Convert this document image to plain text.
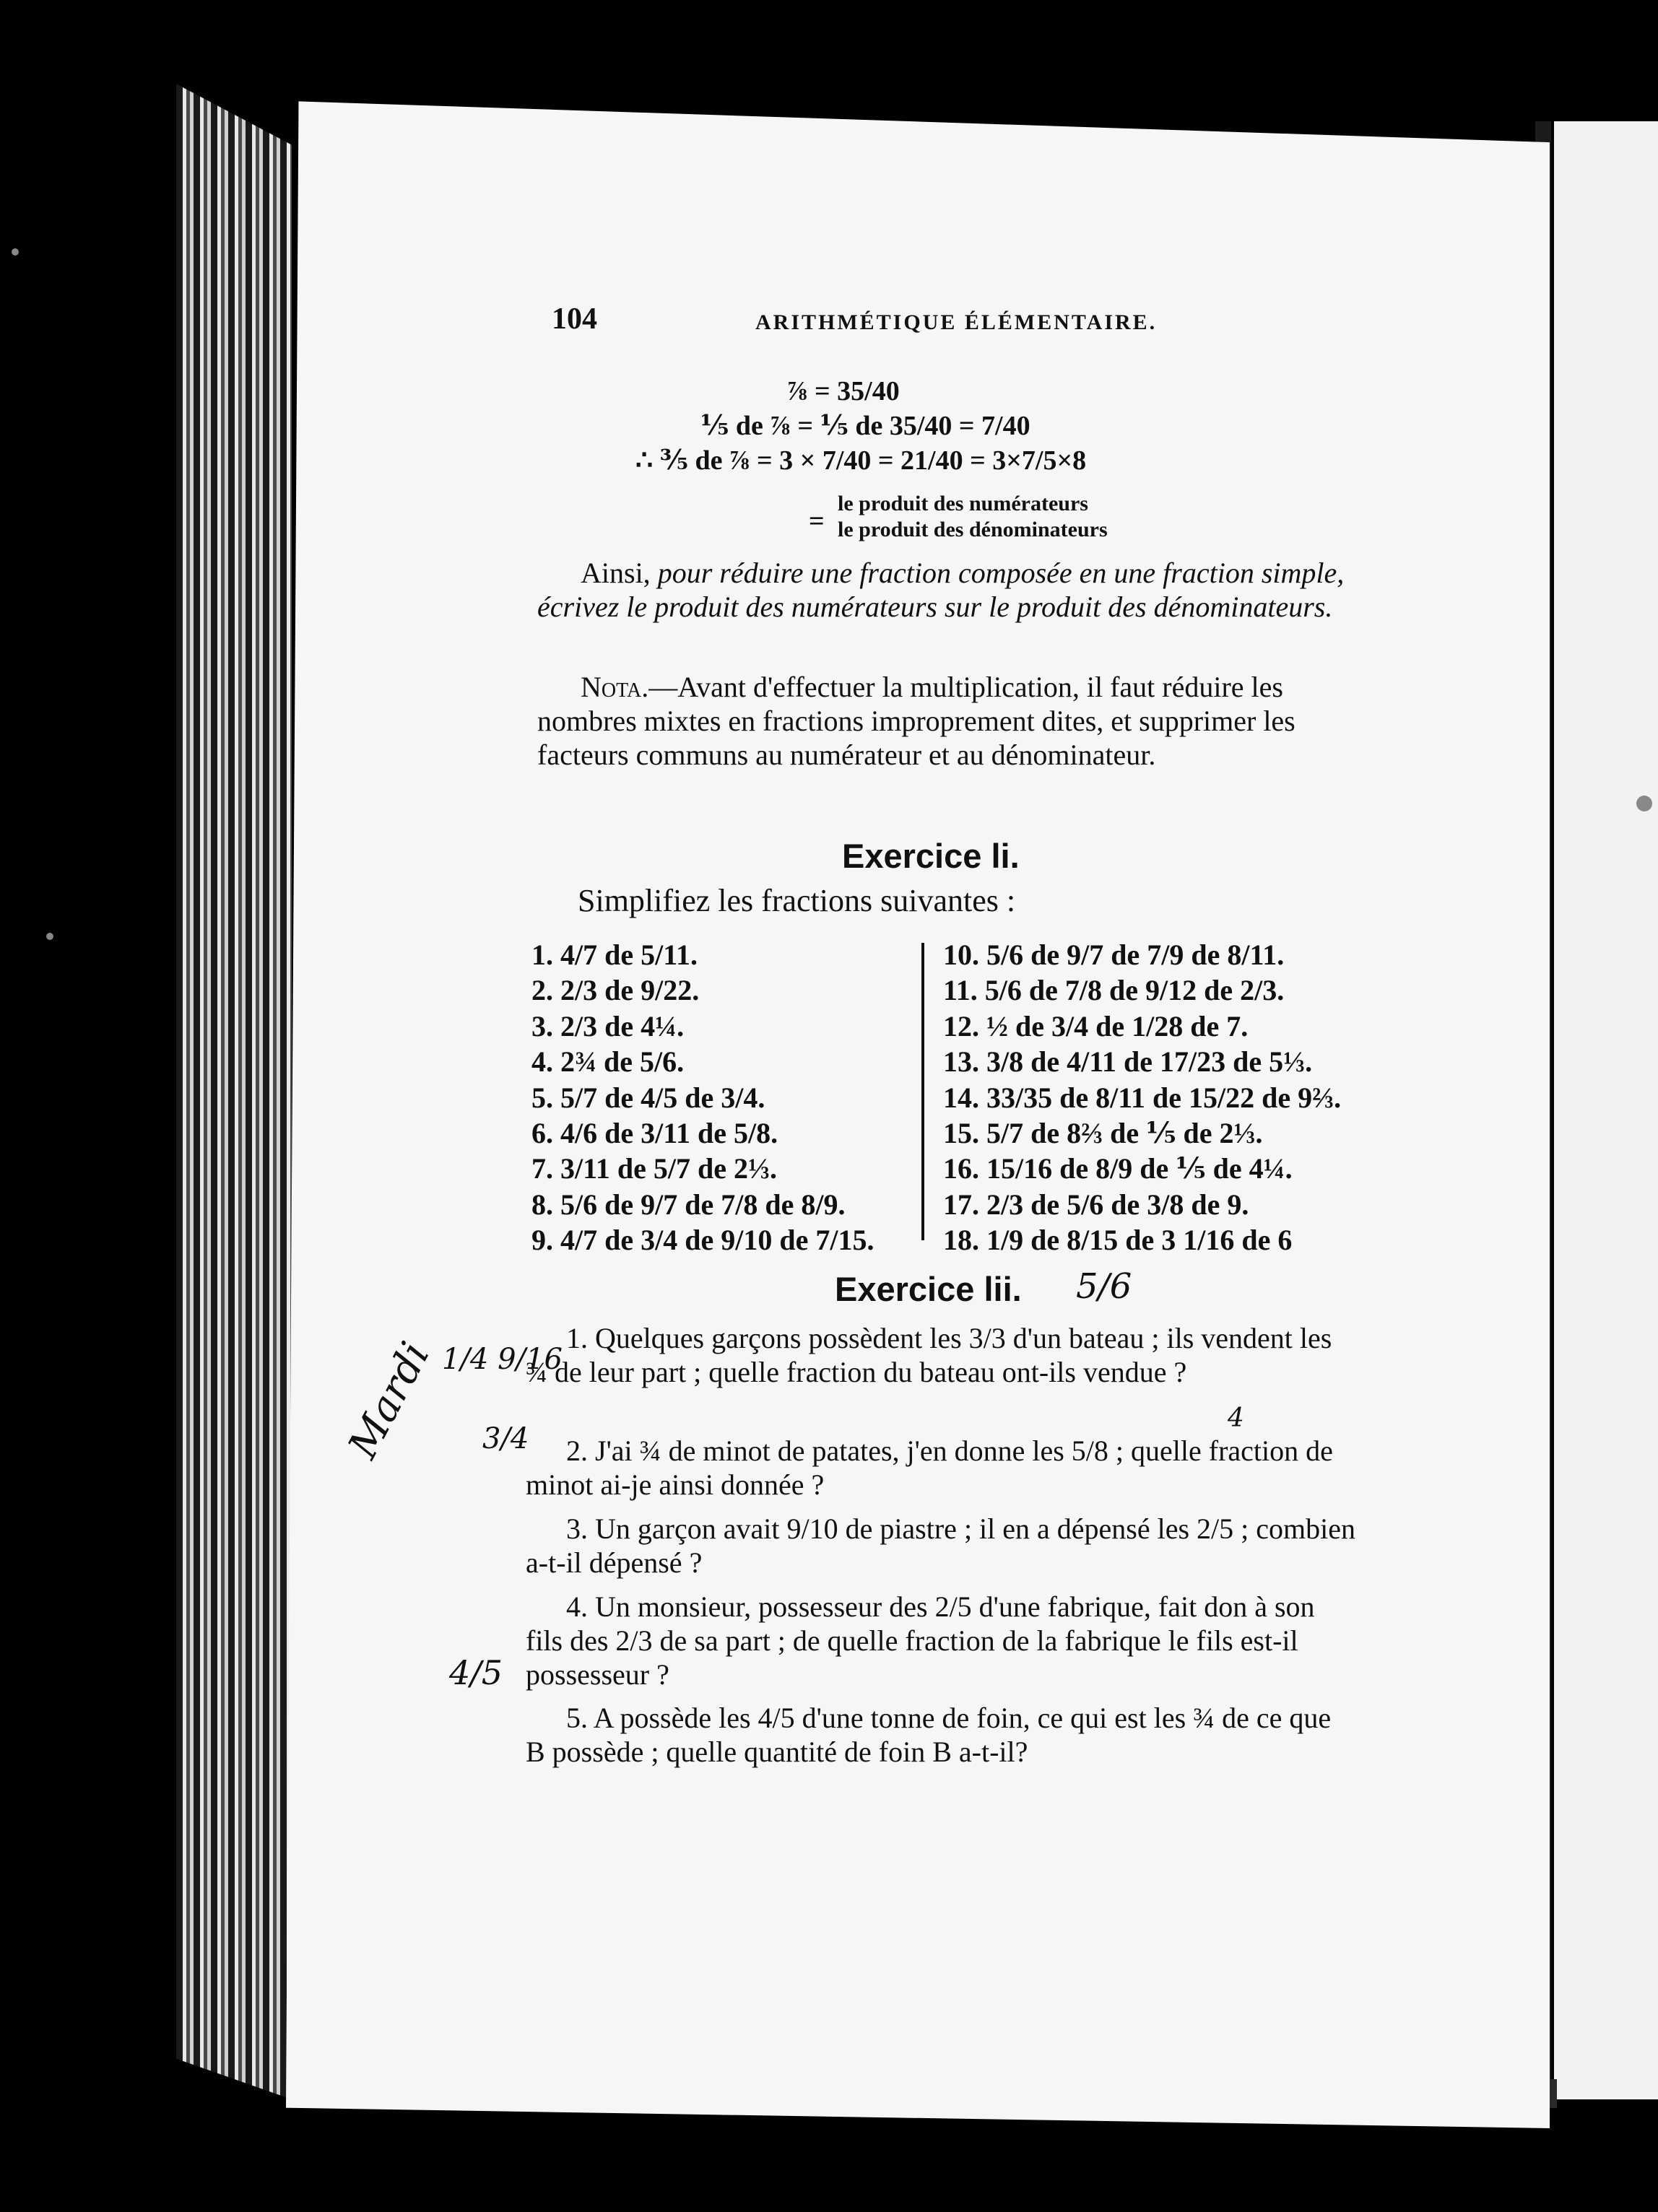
104	ARITHMÉTIQUE ÉLÉMENTAIRE.
⅞ = 35/40
⅕ de ⅞ = ⅕ de 35/40 = 7/40
∴ ⅗ de ⅞ = 3 × 7/40 = 21/40 = 3×7/5×8
=
le produit des numérateurs
le produit des dénominateurs
Ainsi, pour réduire une fraction composée en une fraction simple, écrivez le produit des numérateurs sur le produit des dénominateurs.
Nota.—Avant d'effectuer la multiplication, il faut réduire les nombres mixtes en fractions improprement dites, et supprimer les facteurs communs au numérateur et au dénominateur.
Exercice li.
Simplifiez les fractions suivantes :
1. 4/7 de 5/11.
2. 2/3 de 9/22.
3. 2/3 de 4¼.
4. 2¾ de 5/6.
5. 5/7 de 4/5 de 3/4.
6. 4/6 de 3/11 de 5/8.
7. 3/11 de 5/7 de 2⅓.
8. 5/6 de 9/7 de 7/8 de 8/9.
9. 4/7 de 3/4 de 9/10 de 7/15.
10. 5/6 de 9/7 de 7/9 de 8/11.
11. 5/6 de 7/8 de 9/12 de 2/3.
12. ½ de 3/4 de 1/28 de 7.
13. 3/8 de 4/11 de 17/23 de 5⅓.
14. 33/35 de 8/11 de 15/22 de 9⅔.
15. 5/7 de 8⅔ de ⅕ de 2⅓.
16. 15/16 de 8/9 de ⅕ de 4¼.
17. 2/3 de 5/6 de 3/8 de 9.
18. 1/9 de 8/15 de 3 1/16 de 6
Exercice lii. 5/6
1. Quelques garçons possèdent les 3/3 d'un bateau ; ils vendent les ¾ de leur part ; quelle fraction du bateau ont-ils vendue ?
2. J'ai ¾ de minot de patates, j'en donne les 5/8 ; quelle fraction de minot ai-je ainsi donnée ?
3. Un garçon avait 9/10 de piastre ; il en a dépensé les 2/5 ; combien a-t-il dépensé ?
4. Un monsieur, possesseur des 2/5 d'une fabrique, fait don à son fils des 2/3 de sa part ; de quelle fraction de la fabrique le fils est-il possesseur ?
5. A possède les 4/5 d'une tonne de foin, ce qui est les ¾ de ce que B possède ; quelle quantité de foin B a-t-il?
Mardi 1/4 9/16
3/4
4/5
4
